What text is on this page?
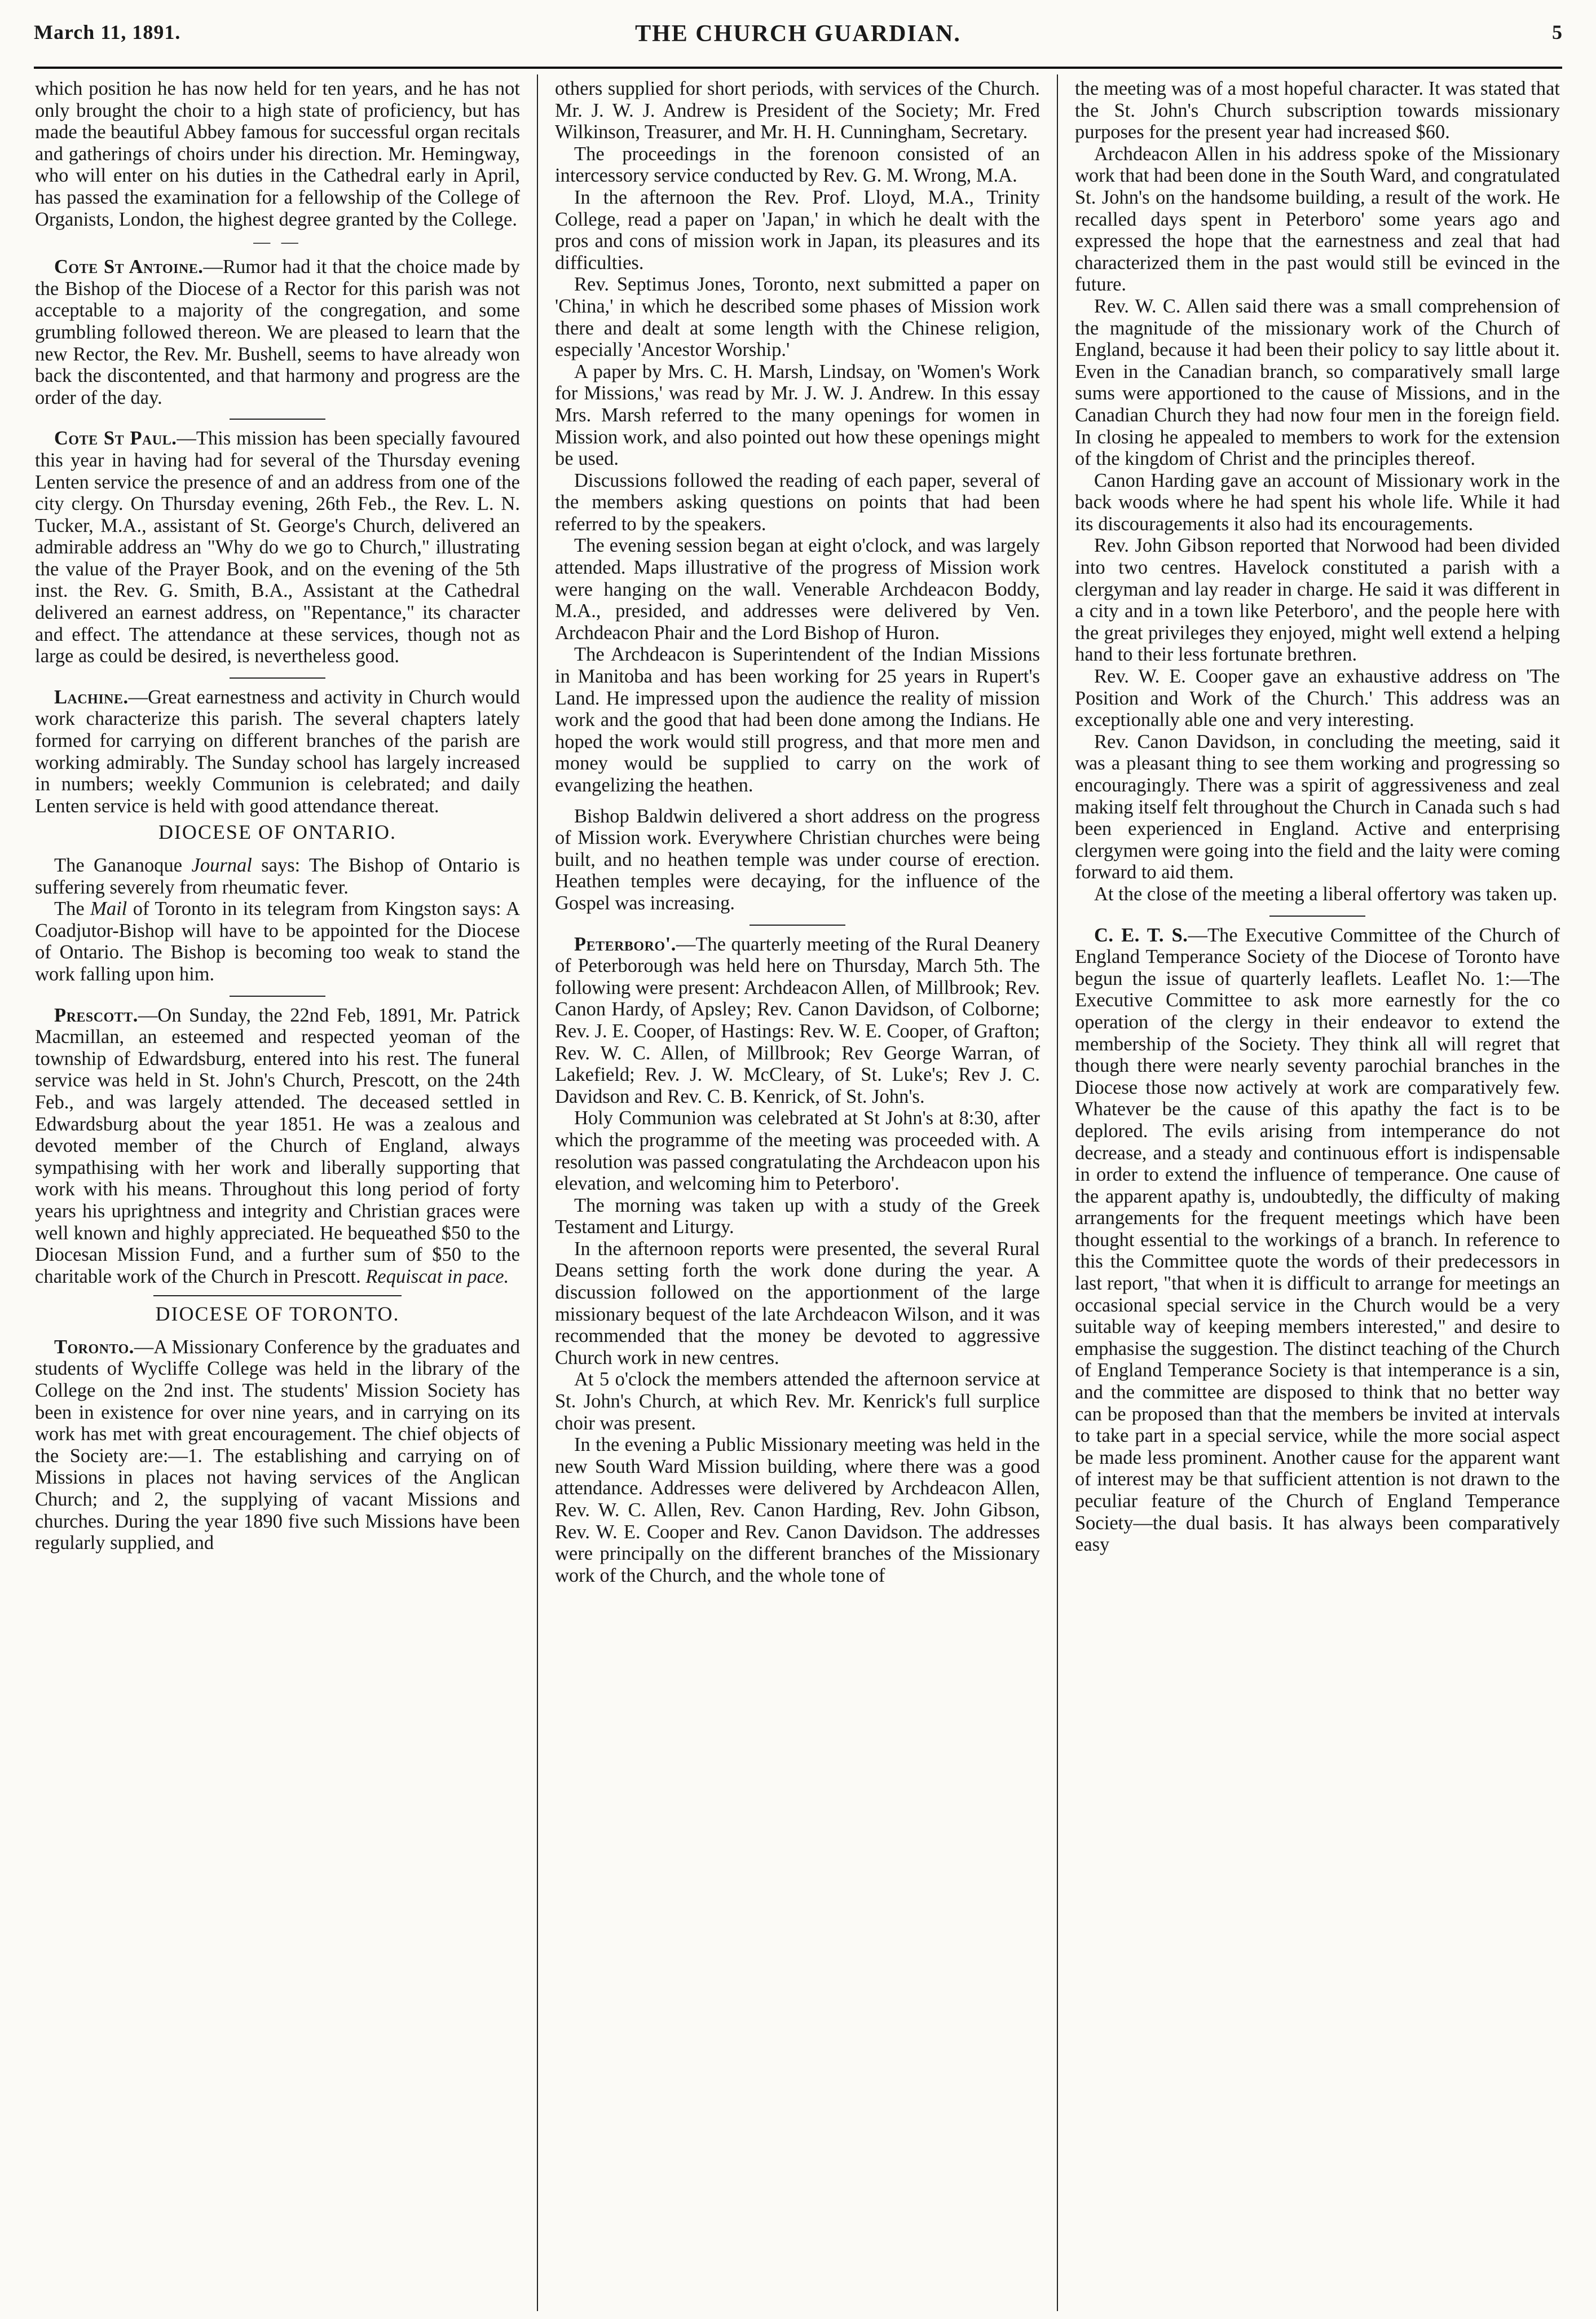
March 11, 1891.	THE CHURCH GUARDIAN.	5

which position he has now held for ten years, and he has not only brought the choir to a high state of proficiency, but has made the beautiful Abbey famous for successful organ recitals and gatherings of choirs under his direction. Mr. Hemingway, who will enter on his duties in the Cathedral early in April, has passed the examination for a fellowship of the College of Organists, London, the highest degree granted by the College.

— —

Cote St Antoine.—Rumor had it that the choice made by the Bishop of the Diocese of a Rector for this parish was not acceptable to a majority of the congregation, and some grumbling followed thereon. We are pleased to learn that the new Rector, the Rev. Mr. Bushell, seems to have already won back the discontented, and that harmony and progress are the order of the day.

Cote St Paul.—This mission has been specially favoured this year in having had for several of the Thursday evening Lenten service the presence of and an address from one of the city clergy. On Thursday evening, 26th Feb., the Rev. L. N. Tucker, M.A., assistant of St. George's Church, delivered an admirable address an "Why do we go to Church," illustrating the value of the Prayer Book, and on the evening of the 5th inst. the Rev. G. Smith, B.A., Assistant at the Cathedral delivered an earnest address, on "Repentance," its character and effect. The attendance at these services, though not as large as could be desired, is nevertheless good.

Lachine.—Great earnestness and activity in Church would work characterize this parish. The several chapters lately formed for carrying on different branches of the parish are working admirably. The Sunday school has largely increased in numbers; weekly Communion is celebrated; and daily Lenten service is held with good attendance thereat.

DIOCESE OF ONTARIO.

The Gananoque Journal says: The Bishop of Ontario is suffering severely from rheumatic fever.

The Mail of Toronto in its telegram from Kingston says: A Coadjutor-Bishop will have to be appointed for the Diocese of Ontario. The Bishop is becoming too weak to stand the work falling upon him.

Prescott.—On Sunday, the 22nd Feb, 1891, Mr. Patrick Macmillan, an esteemed and respected yeoman of the township of Edwardsburg, entered into his rest. The funeral service was held in St. John's Church, Prescott, on the 24th Feb., and was largely attended. The deceased settled in Edwardsburg about the year 1851. He was a zealous and devoted member of the Church of England, always sympathising with her work and liberally supporting that work with his means. Throughout this long period of forty years his uprightness and integrity and Christian graces were well known and highly appreciated. He bequeathed $50 to the Diocesan Mission Fund, and a further sum of $50 to the charitable work of the Church in Prescott. Requiscat in pace.

DIOCESE OF TORONTO.

Toronto.—A Missionary Conference by the graduates and students of Wycliffe College was held in the library of the College on the 2nd inst. The students' Mission Society has been in existence for over nine years, and in carrying on its work has met with great encouragement. The chief objects of the Society are:—1. The establishing and carrying on of Missions in places not having services of the Anglican Church; and 2, the supplying of vacant Missions and churches. During the year 1890 five such Missions have been regularly supplied, and

others supplied for short periods, with services of the Church. Mr. J. W. J. Andrew is President of the Society; Mr. Fred Wilkinson, Treasurer, and Mr. H. H. Cunningham, Secretary.

The proceedings in the forenoon consisted of an intercessory service conducted by Rev. G. M. Wrong, M.A.

In the afternoon the Rev. Prof. Lloyd, M.A., Trinity College, read a paper on 'Japan,' in which he dealt with the pros and cons of mission work in Japan, its pleasures and its difficulties.

Rev. Septimus Jones, Toronto, next submitted a paper on 'China,' in which he described some phases of Mission work there and dealt at some length with the Chinese religion, especially 'Ancestor Worship.'

A paper by Mrs. C. H. Marsh, Lindsay, on 'Women's Work for Missions,' was read by Mr. J. W. J. Andrew. In this essay Mrs. Marsh referred to the many openings for women in Mission work, and also pointed out how these openings might be used.

Discussions followed the reading of each paper, several of the members asking questions on points that had been referred to by the speakers.

The evening session began at eight o'clock, and was largely attended. Maps illustrative of the progress of Mission work were hanging on the wall. Venerable Archdeacon Boddy, M.A., presided, and addresses were delivered by Ven. Archdeacon Phair and the Lord Bishop of Huron.

The Archdeacon is Superintendent of the Indian Missions in Manitoba and has been working for 25 years in Rupert's Land. He impressed upon the audience the reality of mission work and the good that had been done among the Indians. He hoped the work would still progress, and that more men and money would be supplied to carry on the work of evangelizing the heathen.

Bishop Baldwin delivered a short address on the progress of Mission work. Everywhere Christian churches were being built, and no heathen temple was under course of erection. Heathen temples were decaying, for the influence of the Gospel was increasing.

Peterboro'.—The quarterly meeting of the Rural Deanery of Peterborough was held here on Thursday, March 5th. The following were present: Archdeacon Allen, of Millbrook; Rev. Canon Hardy, of Apsley; Rev. Canon Davidson, of Colborne; Rev. J. E. Cooper, of Hastings: Rev. W. E. Cooper, of Grafton; Rev. W. C. Allen, of Millbrook; Rev George Warran, of Lakefield; Rev. J. W. McCleary, of St. Luke's; Rev J. C. Davidson and Rev. C. B. Kenrick, of St. John's.

Holy Communion was celebrated at St John's at 8:30, after which the programme of the meeting was proceeded with. A resolution was passed congratulating the Archdeacon upon his elevation, and welcoming him to Peterboro'.

The morning was taken up with a study of the Greek Testament and Liturgy.

In the afternoon reports were presented, the several Rural Deans setting forth the work done during the year. A discussion followed on the apportionment of the large missionary bequest of the late Archdeacon Wilson, and it was recommended that the money be devoted to aggressive Church work in new centres.

At 5 o'clock the members attended the afternoon service at St. John's Church, at which Rev. Mr. Kenrick's full surplice choir was present.

In the evening a Public Missionary meeting was held in the new South Ward Mission building, where there was a good attendance. Addresses were delivered by Archdeacon Allen, Rev. W. C. Allen, Rev. Canon Harding, Rev. John Gibson, Rev. W. E. Cooper and Rev. Canon Davidson. The addresses were principally on the different branches of the Missionary work of the Church, and the whole tone of

the meeting was of a most hopeful character. It was stated that the St. John's Church subscription towards missionary purposes for the present year had increased $60.

Archdeacon Allen in his address spoke of the Missionary work that had been done in the South Ward, and congratulated St. John's on the handsome building, a result of the work. He recalled days spent in Peterboro' some years ago and expressed the hope that the earnestness and zeal that had characterized them in the past would still be evinced in the future.

Rev. W. C. Allen said there was a small comprehension of the magnitude of the missionary work of the Church of England, because it had been their policy to say little about it. Even in the Canadian branch, so comparatively small large sums were apportioned to the cause of Missions, and in the Canadian Church they had now four men in the foreign field. In closing he appealed to members to work for the extension of the kingdom of Christ and the principles thereof.

Canon Harding gave an account of Missionary work in the back woods where he had spent his whole life. While it had its discouragements it also had its encouragements.

Rev. John Gibson reported that Norwood had been divided into two centres. Havelock constituted a parish with a clergyman and lay reader in charge. He said it was different in a city and in a town like Peterboro', and the people here with the great privileges they enjoyed, might well extend a helping hand to their less fortunate brethren.

Rev. W. E. Cooper gave an exhaustive address on 'The Position and Work of the Church.' This address was an exceptionally able one and very interesting.

Rev. Canon Davidson, in concluding the meeting, said it was a pleasant thing to see them working and progressing so encouragingly. There was a spirit of aggressiveness and zeal making itself felt throughout the Church in Canada such s had been experienced in England. Active and enterprising clergymen were going into the field and the laity were coming forward to aid them.

At the close of the meeting a liberal offertory was taken up.

C. E. T. S.—The Executive Committee of the Church of England Temperance Society of the Diocese of Toronto have begun the issue of quarterly leaflets. Leaflet No. 1:—The Executive Committee to ask more earnestly for the co operation of the clergy in their endeavor to extend the membership of the Society. They think all will regret that though there were nearly seventy parochial branches in the Diocese those now actively at work are comparatively few. Whatever be the cause of this apathy the fact is to be deplored. The evils arising from intemperance do not decrease, and a steady and continuous effort is indispensable in order to extend the influence of temperance. One cause of the apparent apathy is, undoubtedly, the difficulty of making arrangements for the frequent meetings which have been thought essential to the workings of a branch. In reference to this the Committee quote the words of their predecessors in last report, "that when it is difficult to arrange for meetings an occasional special service in the Church would be a very suitable way of keeping members interested," and desire to emphasise the suggestion. The distinct teaching of the Church of England Temperance Society is that intemperance is a sin, and the committee are disposed to think that no better way can be proposed than that the members be invited at intervals to take part in a special service, while the more social aspect be made less prominent. Another cause for the apparent want of interest may be that sufficient attention is not drawn to the peculiar feature of the Church of England Temperance Society—the dual basis. It has always been comparatively easy
